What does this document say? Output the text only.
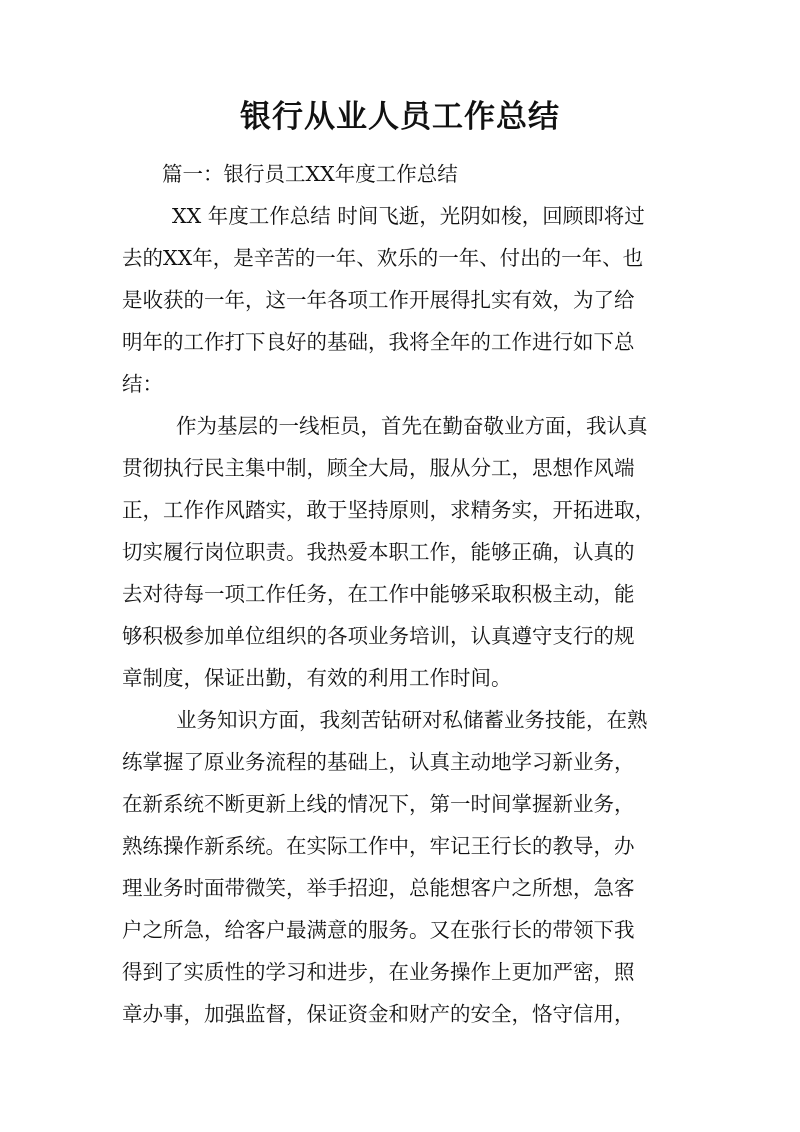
银行从业人员工作总结
篇一：银行员工XX年度工作总结
XX 年度工作总结 时间飞逝，光阴如梭，回顾即将过
去的XX年，是辛苦的一年、欢乐的一年、付出的一年、也
是收获的一年，这一年各项工作开展得扎实有效，为了给
明年的工作打下良好的基础，我将全年的工作进行如下总
结：
作为基层的一线柜员，首先在勤奋敬业方面，我认真
贯彻执行民主集中制，顾全大局，服从分工，思想作风端
正，工作作风踏实，敢于坚持原则，求精务实，开拓进取，
切实履行岗位职责。我热爱本职工作，能够正确，认真的
去对待每一项工作任务，在工作中能够采取积极主动，能
够积极参加单位组织的各项业务培训，认真遵守支行的规
章制度，保证出勤，有效的利用工作时间。
业务知识方面，我刻苦钻研对私储蓄业务技能，在熟
练掌握了原业务流程的基础上，认真主动地学习新业务，
在新系统不断更新上线的情况下，第一时间掌握新业务，
熟练操作新系统。在实际工作中，牢记王行长的教导，办
理业务时面带微笑，举手招迎，总能想客户之所想，急客
户之所急，给客户最满意的服务。又在张行长的带领下我
得到了实质性的学习和进步，在业务操作上更加严密，照
章办事，加强监督，保证资金和财产的安全，恪守信用，
